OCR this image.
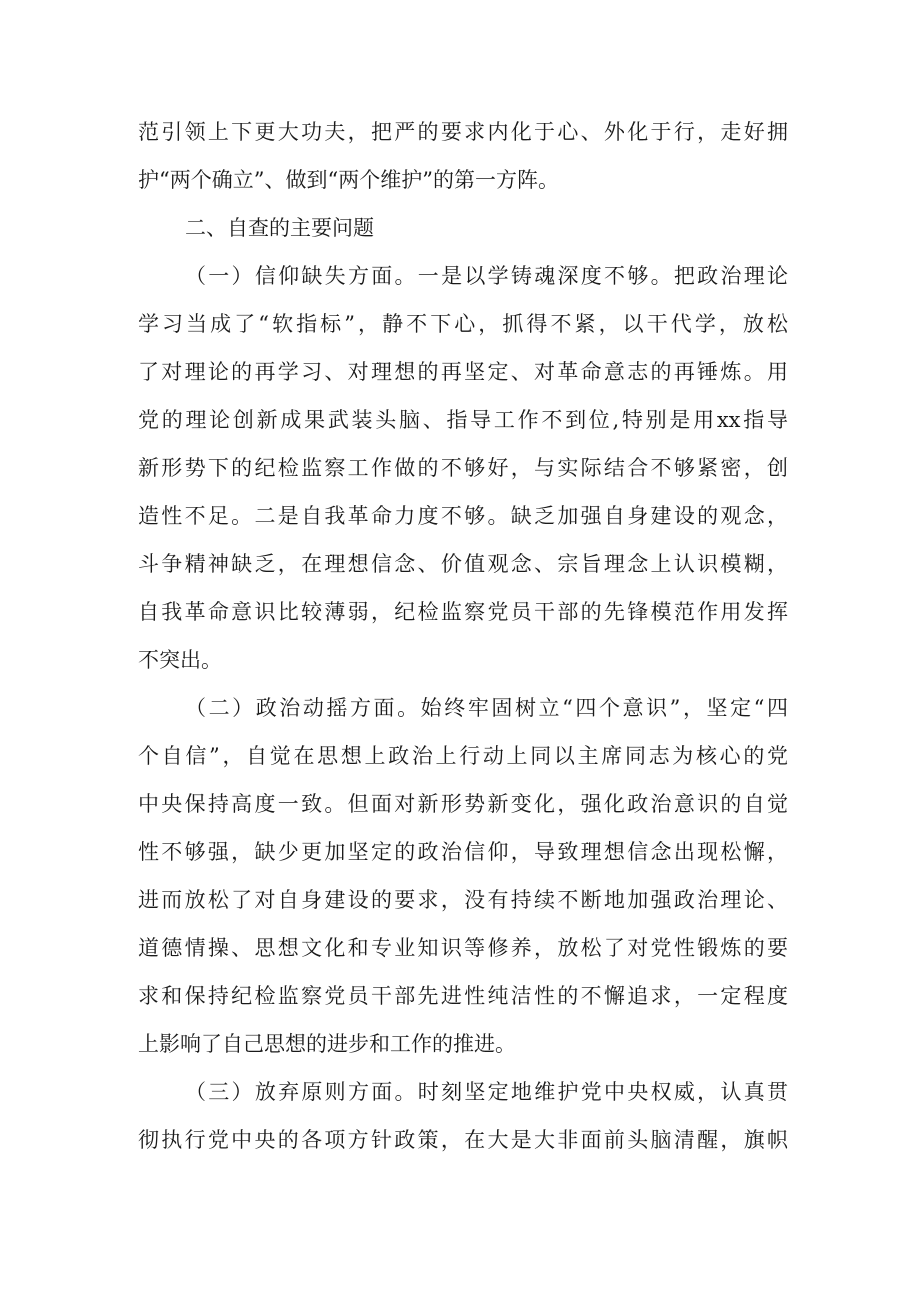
范引领上下更大功夫，把严的要求内化于心、外化于行，走好拥
护“两个确立”、做到“两个维护”的第一方阵。
二、自查的主要问题
（一）信仰缺失方面。一是以学铸魂深度不够。把政治理论
学习当成了“软指标”，静不下心，抓得不紧，以干代学，放松
了对理论的再学习、对理想的再坚定、对革命意志的再锤炼。用
党的理论创新成果武装头脑、指导工作不到位,特别是用xx指导
新形势下的纪检监察工作做的不够好，与实际结合不够紧密，创
造性不足。二是自我革命力度不够。缺乏加强自身建设的观念，
斗争精神缺乏，在理想信念、价值观念、宗旨理念上认识模糊，
自我革命意识比较薄弱，纪检监察党员干部的先锋模范作用发挥
不突出。
（二）政治动摇方面。始终牢固树立“四个意识”，坚定“四
个自信”，自觉在思想上政治上行动上同以主席同志为核心的党
中央保持高度一致。但面对新形势新变化，强化政治意识的自觉
性不够强，缺少更加坚定的政治信仰，导致理想信念出现松懈，
进而放松了对自身建设的要求，没有持续不断地加强政治理论、
道德情操、思想文化和专业知识等修养，放松了对党性锻炼的要
求和保持纪检监察党员干部先进性纯洁性的不懈追求，一定程度
上影响了自己思想的进步和工作的推进。
（三）放弃原则方面。时刻坚定地维护党中央权威，认真贯
彻执行党中央的各项方针政策，在大是大非面前头脑清醒，旗帜
